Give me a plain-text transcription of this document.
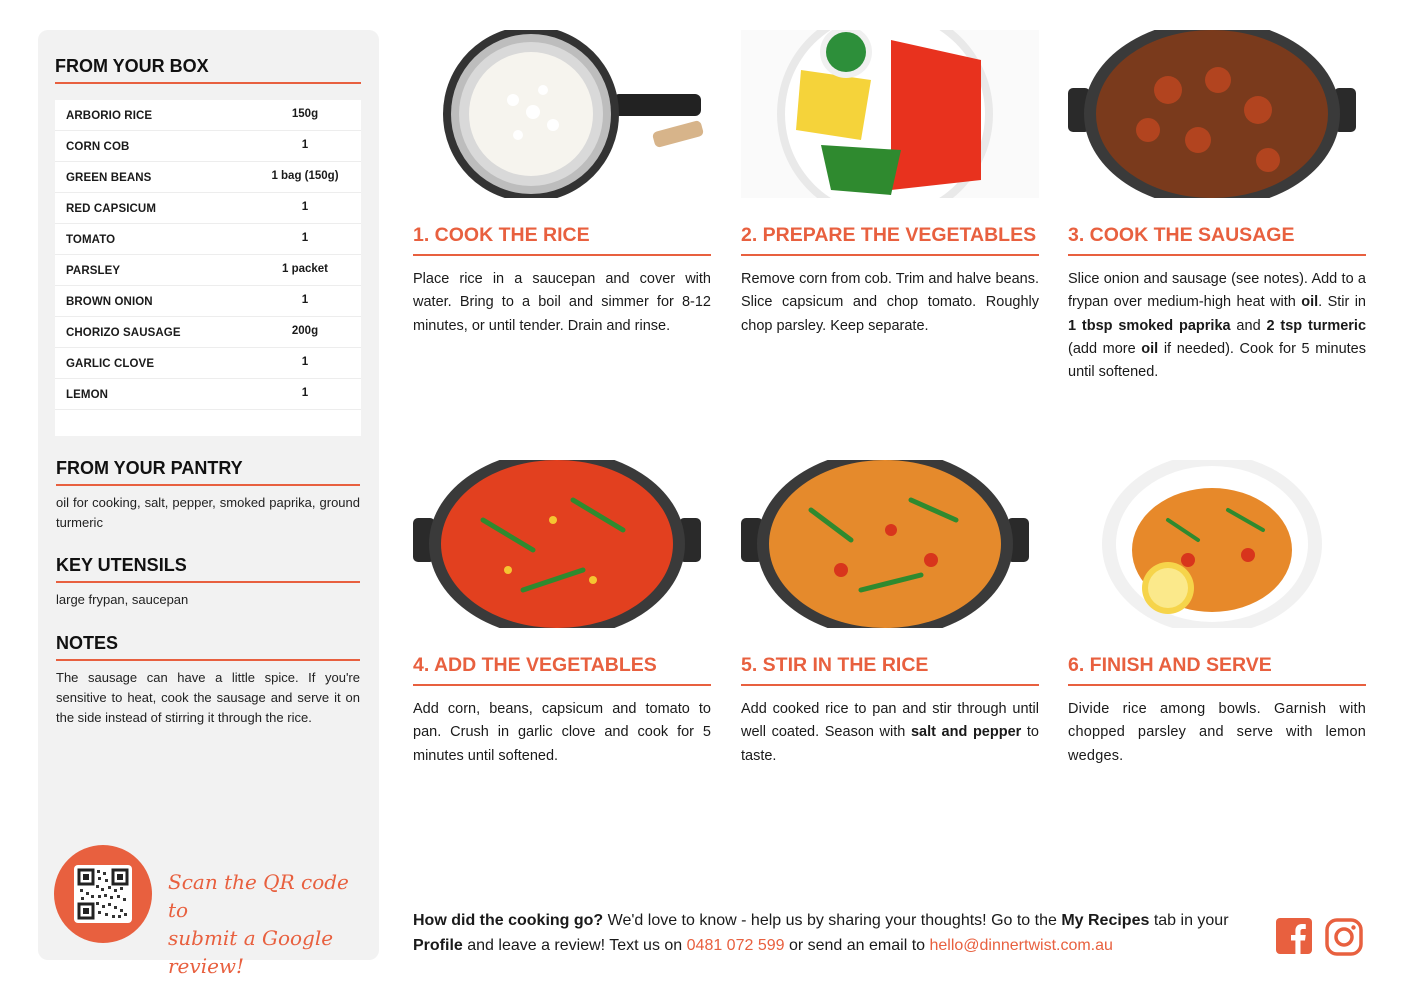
FROM YOUR BOX
ARBORIO RICE	150g
CORN COB	1
GREEN BEANS	1 bag (150g)
RED CAPSICUM	1
TOMATO	1
PARSLEY	1 packet
BROWN ONION	1
CHORIZO SAUSAGE	200g
GARLIC CLOVE	1
LEMON	1
FROM YOUR PANTRY
oil for cooking, salt, pepper, smoked paprika, ground turmeric
KEY UTENSILS
large frypan, saucepan
NOTES
The sausage can have a little spice. If you're sensitive to heat, cook the sausage and serve it on the side instead of stirring it through the rice.
Scan the QR code to
submit a Google review!
1. COOK THE RICE
Place rice in a saucepan and cover with water. Bring to a boil and simmer for 8-12 minutes, or until tender. Drain and rinse.
2. PREPARE THE VEGETABLES
Remove corn from cob. Trim and halve beans. Slice capsicum and chop tomato. Roughly chop parsley. Keep separate.
3. COOK THE SAUSAGE
Slice onion and sausage (see notes). Add to a frypan over medium-high heat with oil. Stir in 1 tbsp smoked paprika and 2 tsp turmeric (add more oil if needed). Cook for 5 minutes until softened.
4. ADD THE VEGETABLES
Add corn, beans, capsicum and tomato to pan. Crush in garlic clove and cook for 5 minutes until softened.
5. STIR IN THE RICE
Add cooked rice to pan and stir through until well coated. Season with salt and pepper to taste.
6. FINISH AND SERVE
Divide rice among bowls. Garnish with chopped parsley and serve with lemon wedges.
How did the cooking go? We'd love to know - help us by sharing your thoughts! Go to the My Recipes tab in your Profile and leave a review! Text us on 0481 072 599 or send an email to hello@dinnertwist.com.au
